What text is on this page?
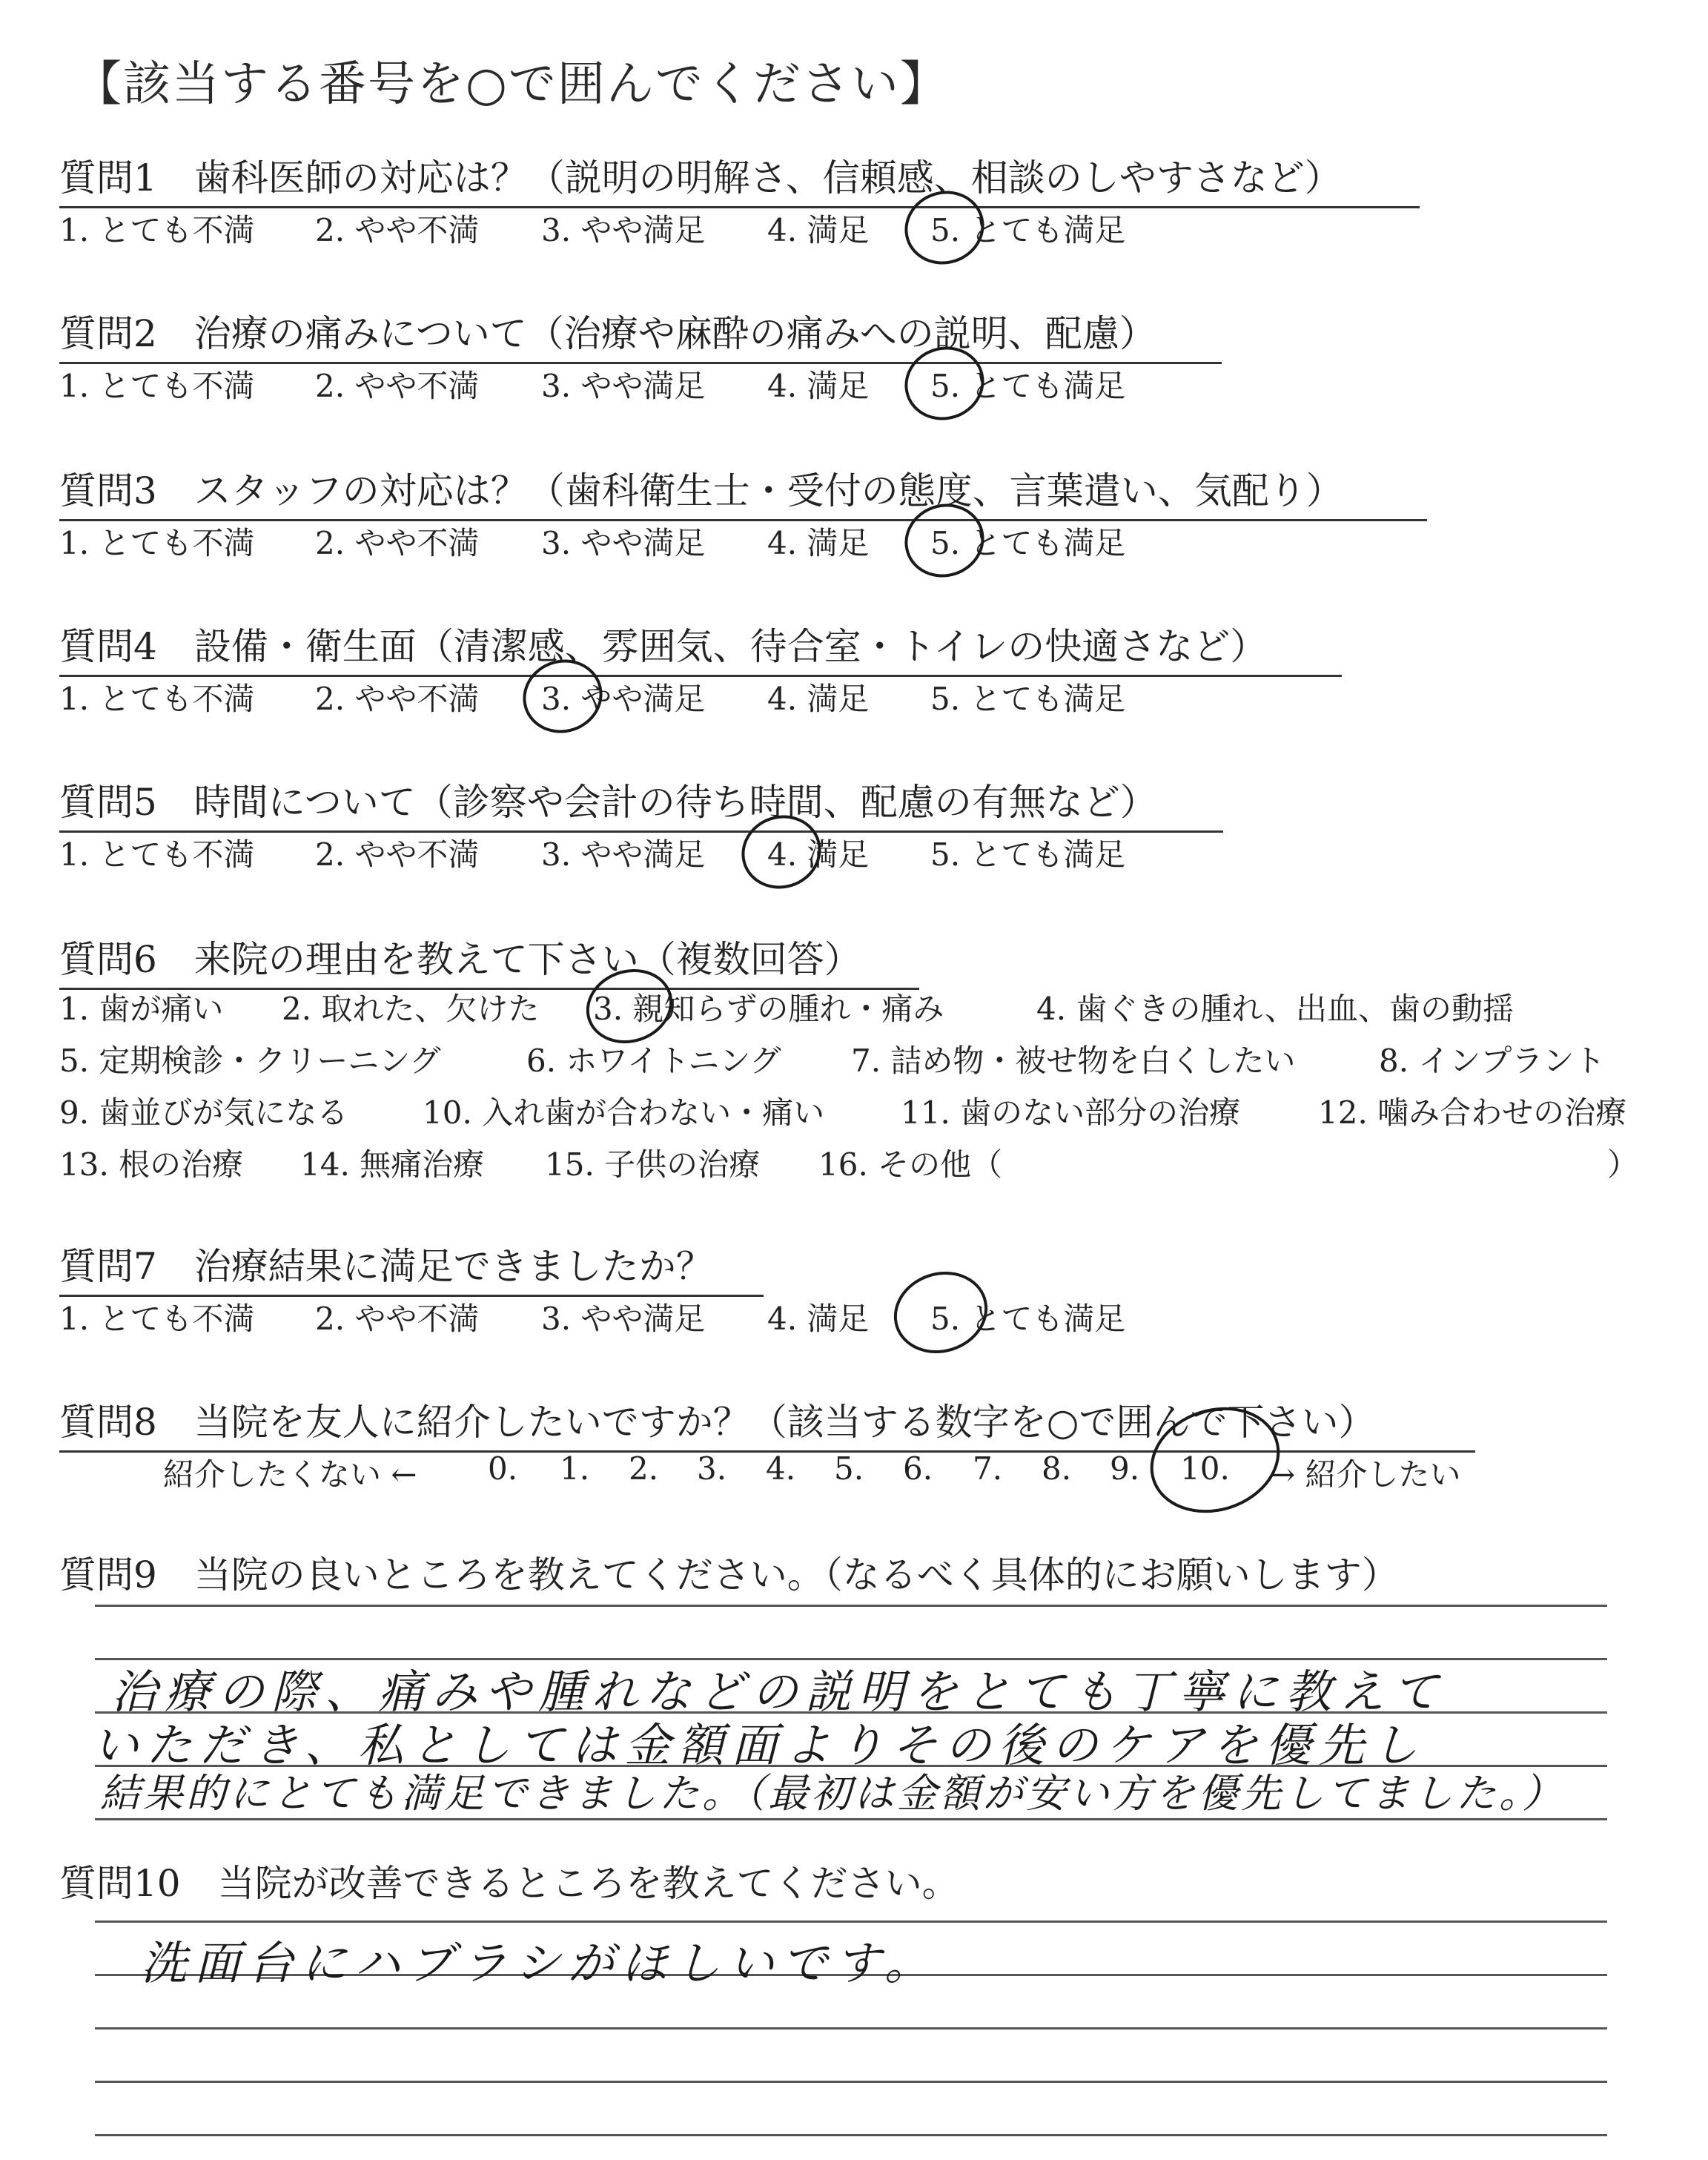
【該当する番号を○で囲んでください】
質問1　歯科医師の対応は？（説明の明解さ、信頼感、相談のしやすさなど）
1. とても不満 2. やや不満 3. やや満足 4. 満足 5. とても満足
質問2　治療の痛みについて（治療や麻酔の痛みへの説明、配慮）
1. とても不満 2. やや不満 3. やや満足 4. 満足 5. とても満足
質問3　スタッフの対応は？（歯科衛生士・受付の態度、言葉遣い、気配り）
1. とても不満 2. やや不満 3. やや満足 4. 満足 5. とても満足
質問4　設備・衛生面（清潔感、雰囲気、待合室・トイレの快適さなど）
1. とても不満 2. やや不満 3. やや満足 4. 満足 5. とても満足
質問5　時間について（診察や会計の待ち時間、配慮の有無など）
1. とても不満 2. やや不満 3. やや満足 4. 満足 5. とても満足
質問6　来院の理由を教えて下さい（複数回答）
1. 歯が痛い 2. 取れた、欠けた 3. 親知らずの腫れ・痛み	4. 歯ぐきの腫れ、出血、歯の動揺
5. 定期検診・クリーニング	6. ホワイトニング 7. 詰め物・被せ物を白くしたい	8. インプラント
9. 歯並びが気になる 10. 入れ歯が合わない・痛い 11. 歯のない部分の治療 12. 噛み合わせの治療
13. 根の治療 14. 無痛治療 15. 子供の治療 16. その他（	）
質問7　治療結果に満足できましたか？
1. とても不満 2. やや不満 3. やや満足 4. 満足 5. とても満足
質問8　当院を友人に紹介したいですか？（該当する数字を○で囲んで下さい）
紹介したくない ← 0. 1. 2. 3. 4. 5. 6. 7. 8. 9. 10. → 紹介したい
質問9　当院の良いところを教えてください。（なるべく具体的にお願いします）
治療の際、痛みや腫れなどの説明をとても丁寧に教えて
いただき、私としては金額面よりその後のケアを優先し
結果的にとても満足できました。（最初は金額が安い方を優先してました。）
質問10　当院が改善できるところを教えてください。
洗面台にハブラシがほしいです。
